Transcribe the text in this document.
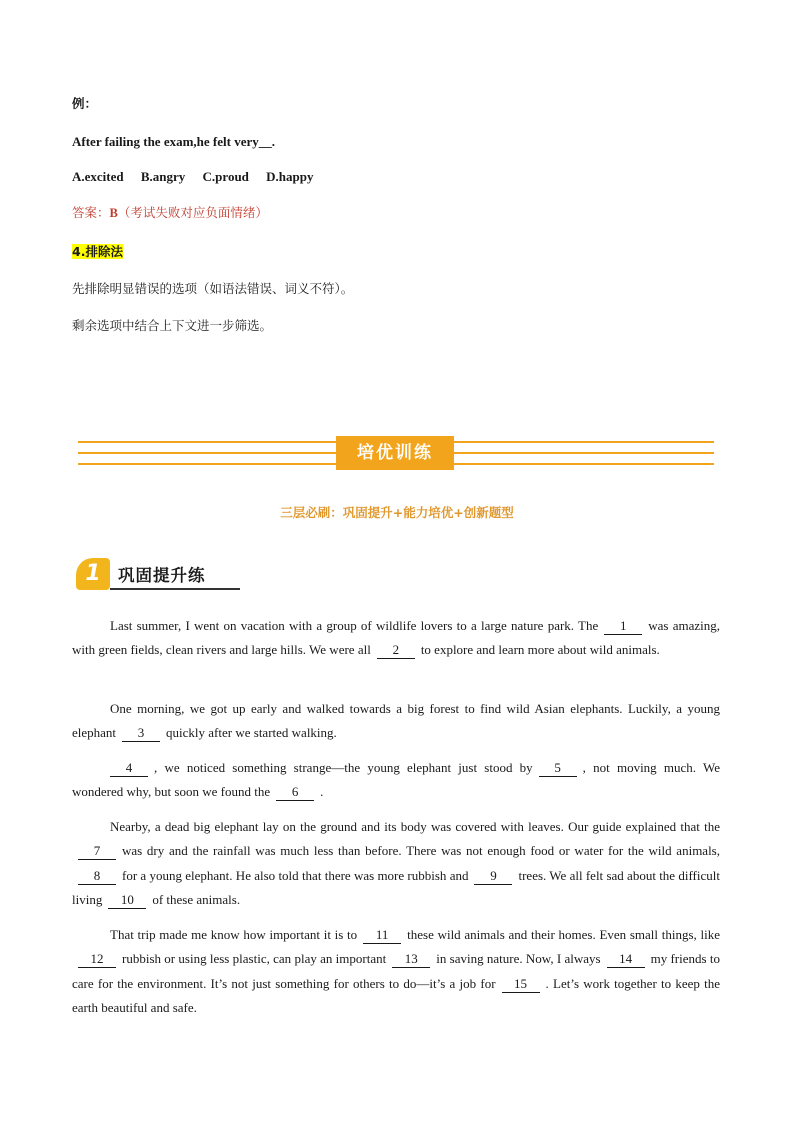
例：
After failing the exam,he felt very__.
A.excited B.angry C.proud D.happy
答案：B（考试失败对应负面情绪）
4.排除法
先排除明显错误的选项（如语法错误、词义不符）。
剩余选项中结合上下文进一步筛选。
培优训练
三层必刷：巩固提升+能力培优+创新题型
1	巩固提升练
Last summer, I went on vacation with a group of wildlife lovers to a large nature park. The 1 was amazing, with green fields, clean rivers and large hills. We were all 2 to explore and learn more about wild animals.
One morning, we got up early and walked towards a big forest to find wild Asian elephants. Luckily, a young elephant 3 quickly after we started walking.
4 , we noticed something strange—the young elephant just stood by 5 , not moving much. We wondered why, but soon we found the 6 .
Nearby, a dead big elephant lay on the ground and its body was covered with leaves. Our guide explained that the7 was dry and the rainfall was much less than before. There was not enough food or water for the wild animals,8 for a young elephant. He also told that there was more rubbish and 9 trees. We all felt sad about the difficult living 10 of these animals.
That trip made me know how important it is to 11 these wild animals and their homes. Even small things, like12 rubbish or using less plastic, can play an important 13 in saving nature. Now, I always 14 my friends to care for the environment. It’s not just something for others to do—it’s a job for 15 . Let’s work together to keep the earth beautiful and safe.
